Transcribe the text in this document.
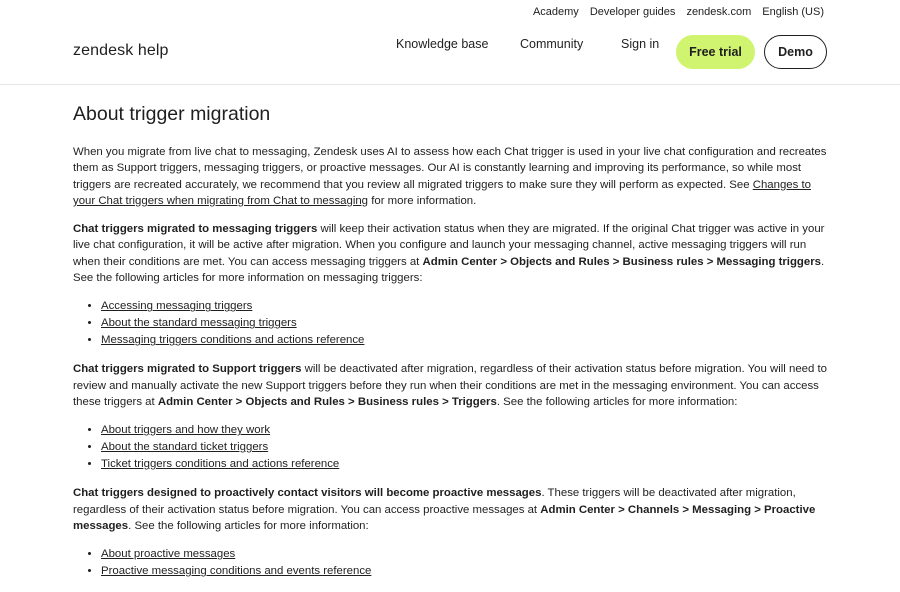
•
About trigger migration

When you migrate from live chat to messaging, Zendesk uses AI to assess how each Chat trigger is used in your live chat configuration and recreates them as Support triggers, messaging triggers, or proactive messages. Our AI is constantly learning and improving its performance, so while most triggers are recreated accurately, we recommend that you review all migrated triggers to make sure they will perform as expected. See Changes to your Chat triggers when migrating from Chat to messaging for more information.

Chat triggers migrated to messaging triggers will keep their activation status when they are migrated. If the original Chat trigger was active in your live chat configuration, it will be active after migration. When you configure and launch your messaging channel, active messaging triggers will run when their conditions are met. You can access messaging triggers at Admin Center > Objects and Rules > Business rules > Messaging triggers. See the following articles for more information on messaging triggers:

• Accessing messaging triggers
• About the standard messaging triggers
• Messaging triggers conditions and actions reference

Chat triggers migrated to Support triggers will be deactivated after migration, regardless of their activation status before migration. You will need to review and manually activate the new Support triggers before they run when their conditions are met in the messaging environment. You can access these triggers at Admin Center > Objects and Rules > Business rules > Triggers. See the following articles for more information:

• About triggers and how they work
• About the standard ticket triggers
• Ticket triggers conditions and actions reference

Chat triggers designed to proactively contact visitors will become proactive messages. These triggers will be deactivated after migration, regardless of their activation status before migration. You can access proactive messages at Admin Center > Channels > Messaging > Proactive messages. See the following articles for more information:

• About proactive messages
• Proactive messaging conditions and events reference
Academy Developer guides zendesk.com English (US)
zendesk help	Knowledge base	Community	Sign in
Free trial	Demo
